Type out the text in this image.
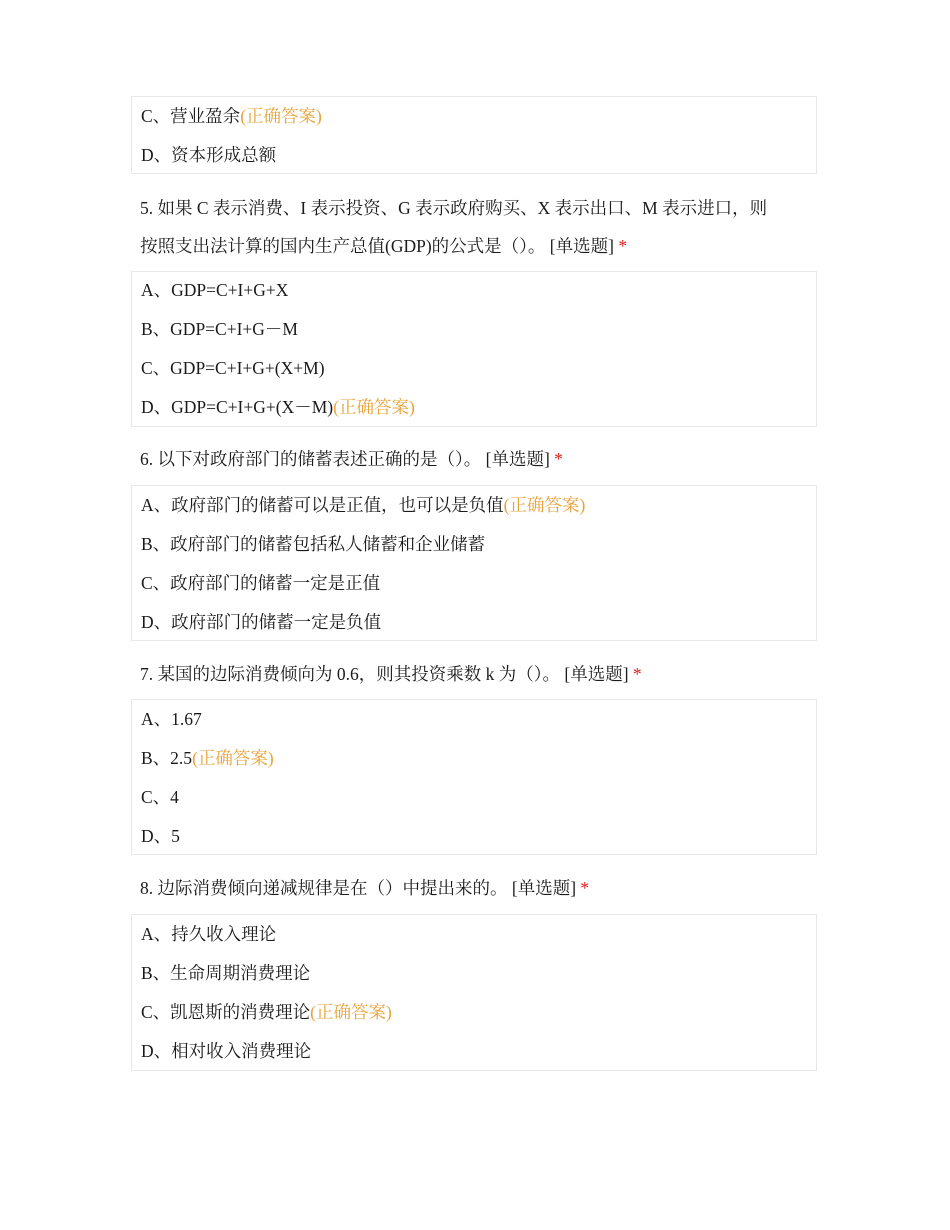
C、营业盈余(正确答案)
D、资本形成总额
5. 如果 C 表示消费、I 表示投资、G 表示政府购买、X 表示出口、M 表示进口，则
按照支出法计算的国内生产总值(GDP)的公式是（）。 [单选题] *
A、GDP=C+I+G+X
B、GDP=C+I+G－M
C、GDP=C+I+G+(X+M)
D、GDP=C+I+G+(X－M)(正确答案)
6. 以下对政府部门的储蓄表述正确的是（）。 [单选题] *
A、政府部门的储蓄可以是正值，也可以是负值(正确答案)
B、政府部门的储蓄包括私人储蓄和企业储蓄
C、政府部门的储蓄一定是正值
D、政府部门的储蓄一定是负值
7. 某国的边际消费倾向为 0.6，则其投资乘数 k 为（）。 [单选题] *
A、1.67
B、2.5(正确答案)
C、4
D、5
8. 边际消费倾向递减规律是在（）中提出来的。 [单选题] *
A、持久收入理论
B、生命周期消费理论
C、凯恩斯的消费理论(正确答案)
D、相对收入消费理论
